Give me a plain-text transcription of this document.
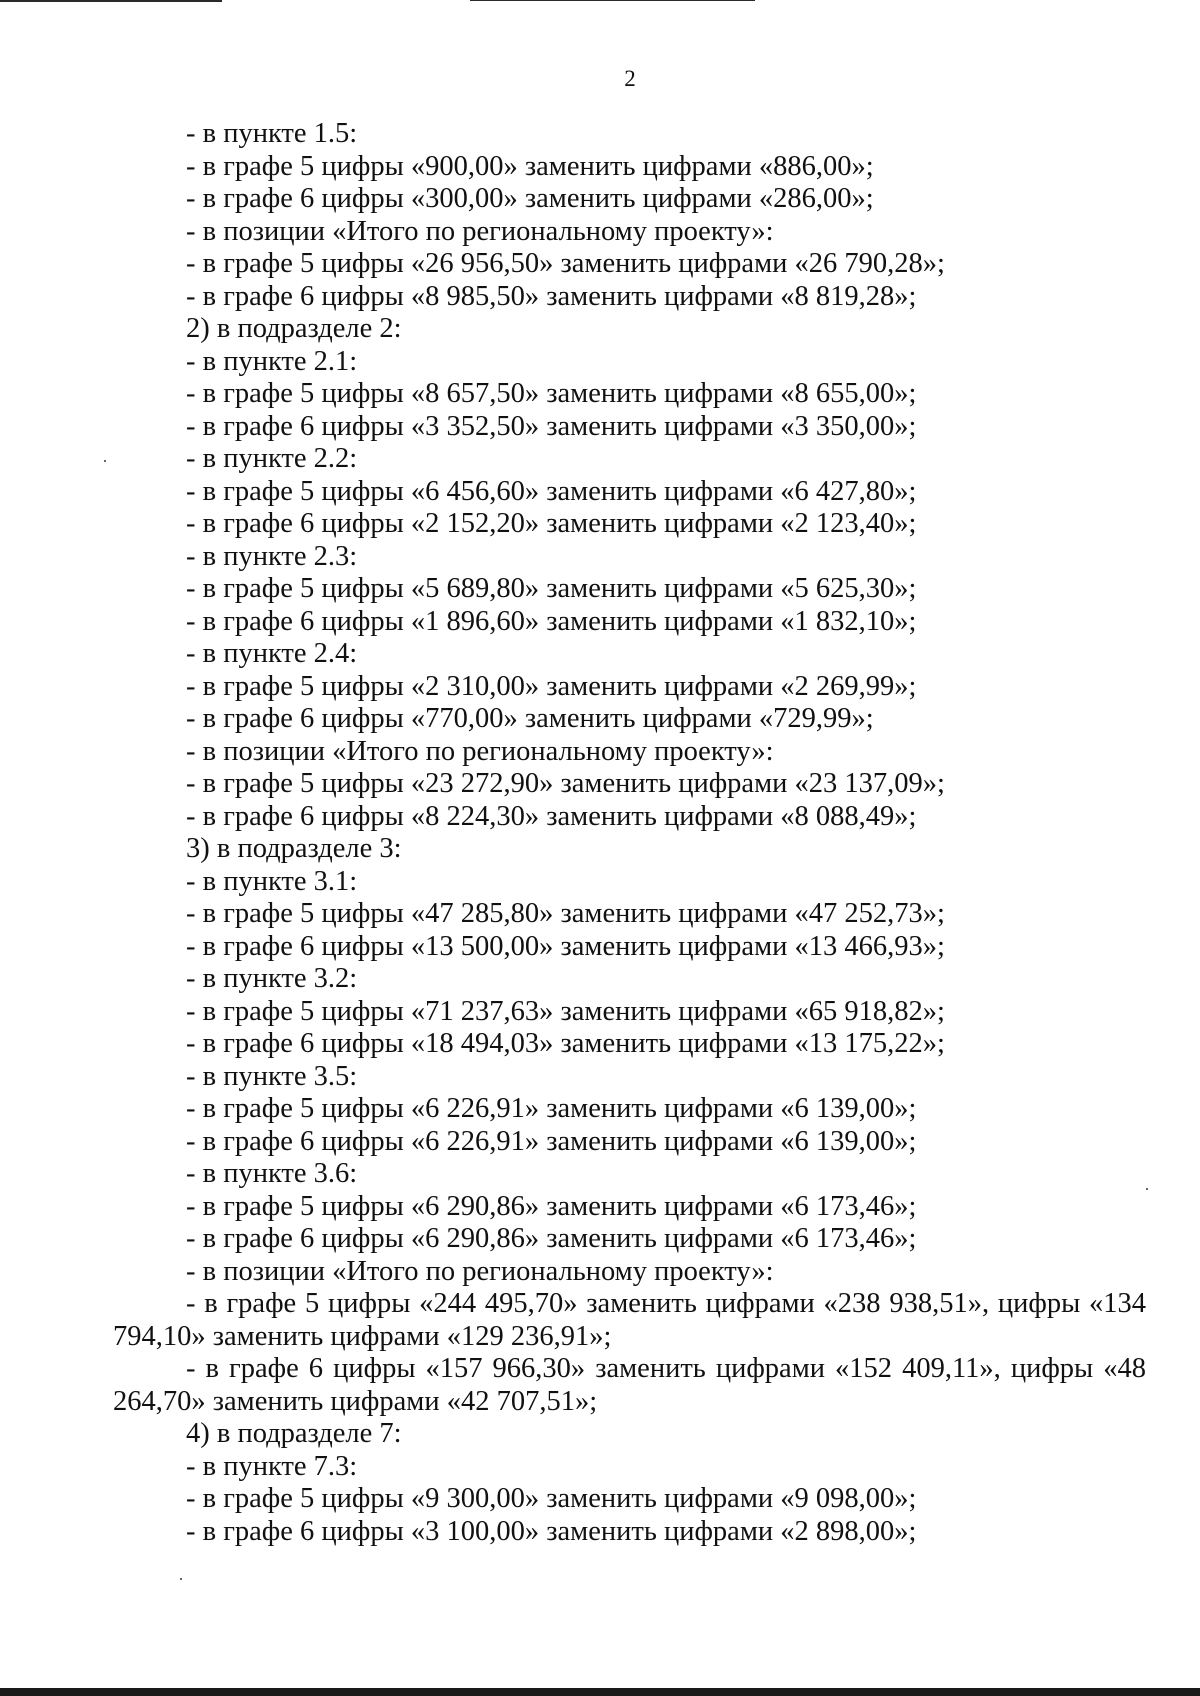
2
- в пункте 1.5:
- в графе 5 цифры «900,00» заменить цифрами «886,00»;
- в графе 6 цифры «300,00» заменить цифрами «286,00»;
- в позиции «Итого по региональному проекту»:
- в графе 5 цифры «26 956,50» заменить цифрами «26 790,28»;
- в графе 6 цифры «8 985,50» заменить цифрами «8 819,28»;
2) в подразделе 2:
- в пункте 2.1:
- в графе 5 цифры «8 657,50» заменить цифрами «8 655,00»;
- в графе 6 цифры «3 352,50» заменить цифрами «3 350,00»;
- в пункте 2.2:
- в графе 5 цифры «6 456,60» заменить цифрами «6 427,80»;
- в графе 6 цифры «2 152,20» заменить цифрами «2 123,40»;
- в пункте 2.3:
- в графе 5 цифры «5 689,80» заменить цифрами «5 625,30»;
- в графе 6 цифры «1 896,60» заменить цифрами «1 832,10»;
- в пункте 2.4:
- в графе 5 цифры «2 310,00» заменить цифрами «2 269,99»;
- в графе 6 цифры «770,00» заменить цифрами «729,99»;
- в позиции «Итого по региональному проекту»:
- в графе 5 цифры «23 272,90» заменить цифрами «23 137,09»;
- в графе 6 цифры «8 224,30» заменить цифрами «8 088,49»;
3) в подразделе 3:
- в пункте 3.1:
- в графе 5 цифры «47 285,80» заменить цифрами «47 252,73»;
- в графе 6 цифры «13 500,00» заменить цифрами «13 466,93»;
- в пункте 3.2:
- в графе 5 цифры «71 237,63» заменить цифрами «65 918,82»;
- в графе 6 цифры «18 494,03» заменить цифрами «13 175,22»;
- в пункте 3.5:
- в графе 5 цифры «6 226,91» заменить цифрами «6 139,00»;
- в графе 6 цифры «6 226,91» заменить цифрами «6 139,00»;
- в пункте 3.6:
- в графе 5 цифры «6 290,86» заменить цифрами «6 173,46»;
- в графе 6 цифры «6 290,86» заменить цифрами «6 173,46»;
- в позиции «Итого по региональному проекту»:
- в графе 5 цифры «244 495,70» заменить цифрами «238 938,51», цифры «134 794,10» заменить цифрами «129 236,91»;
- в графе 6 цифры «157 966,30» заменить цифрами «152 409,11», цифры «48 264,70» заменить цифрами «42 707,51»;
4) в подразделе 7:
- в пункте 7.3:
- в графе 5 цифры «9 300,00» заменить цифрами «9 098,00»;
- в графе 6 цифры «3 100,00» заменить цифрами «2 898,00»;
